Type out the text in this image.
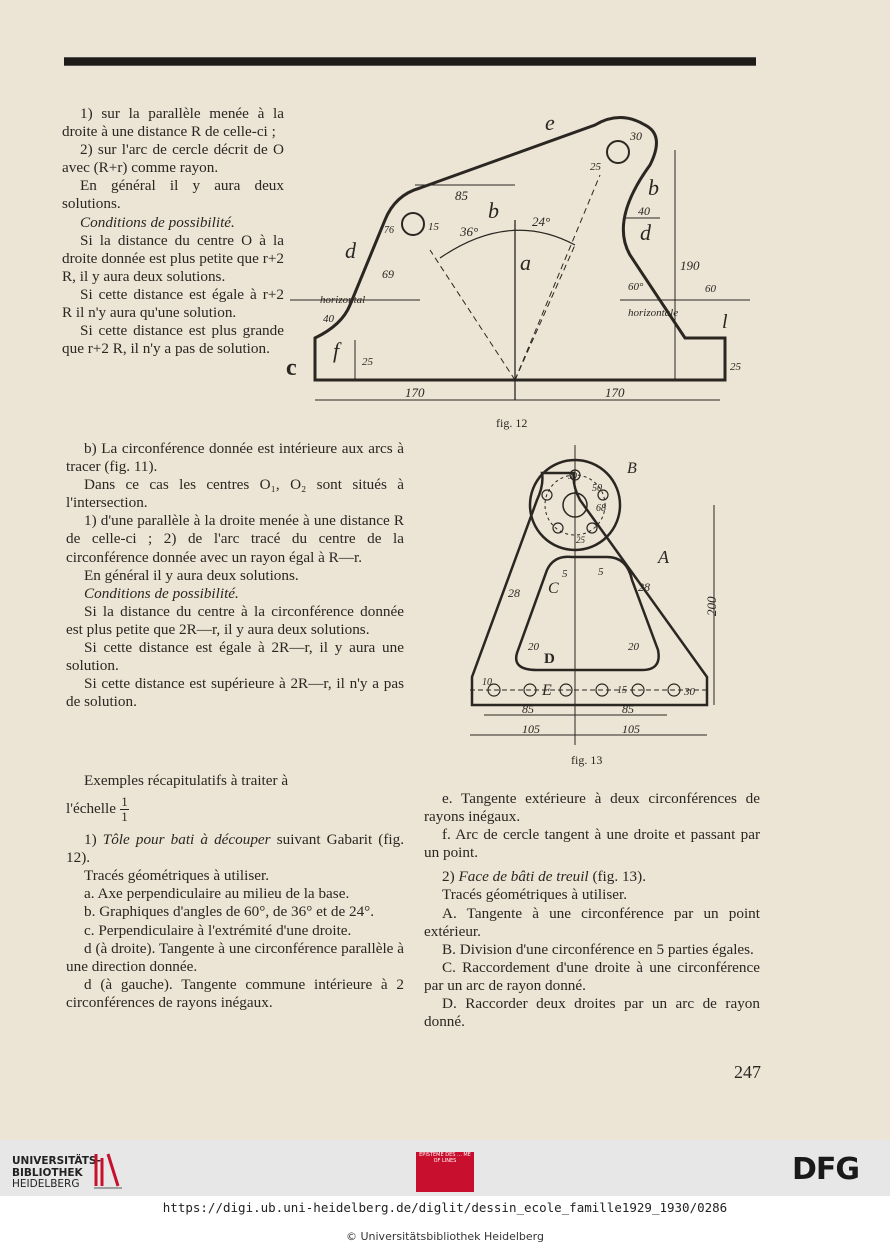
1) sur la parallèle menée à la droite à une distance R de celle-ci ;

2) sur l'arc de cercle décrit de O avec (R+r) comme rayon.

En général il y aura deux solutions.

Conditions de possibilité.

Si la distance du centre O à la droite donnée est plus petite que r+2 R, il y aura deux solutions.

Si cette distance est égale à r+2 R il n'y aura qu'une solution.

Si cette distance est plus grande que r+2 R, il n'y a pas de solution.

b) La circonférence donnée est intérieure aux arcs à tracer (fig. 11).

Dans ce cas les centres O₁, O₂ sont situés à l'intersection.

1) d'une parallèle à la droite menée à une distance R de celle-ci ; 2) de l'arc tracé du centre de la circonférence donnée avec un rayon égal à R—r.

En général il y aura deux solutions.

Conditions de possibilité.

Si la distance du centre à la circonférence donnée est plus petite que 2R—r, il y aura deux solutions.

Si cette distance est égale à 2R—r, il y aura une solution.

Si cette distance est supérieure à 2R—r, il n'y a pas de solution.

Exemples récapitulatifs à traiter à

l'échelle $\frac{1}{1}$

1) Tôle pour bati à découper suivant Gabarit (fig. 12).

Tracés géométriques à utiliser.

a. Axe perpendiculaire au milieu de la base.

b. Graphiques d'angles de 60°, de 36° et de 24°.

c. Perpendiculaire à l'extrémité d'une droite.

d (à droite). Tangente à une circonférence parallèle à une direction donnée.

d (à gauche). Tangente commune intérieure à 2 circonférences de rayons inégaux.

e. Tangente extérieure à deux circonférences de rayons inégaux.

f. Arc de cercle tangent à une droite et passant par un point.

2) Face de bâti de treuil (fig. 13).

Tracés géométriques à utiliser.

A. Tangente à une circonférence par un point extérieur.

B. Division d'une circonférence en 5 parties égales.

C. Raccordement d'une droite à une circonférence par un arc de rayon donné.

D. Raccorder deux droites par un arc de rayon donné.

247
e
b
b
d
d
a
c
f
l
85
30
25
40
190
15
76
69
36°
24°
60°	60
horizontal
horizontale
40
25	25
170	170
fig. 12
B
A
C
D
E
200
28	28
5	5
20	20
10
15	30
85	85
105	105
50
68
30
25
fig. 13
UNIVERSITÄTS-
BIBLIOTHEK
HEIDELBERG
EPISTEME DES ... ME OF LINES	DFG
https://digi.ub.uni-heidelberg.de/diglit/dessin_ecole_famille1929_1930/0286
© Universitätsbibliothek Heidelberg
